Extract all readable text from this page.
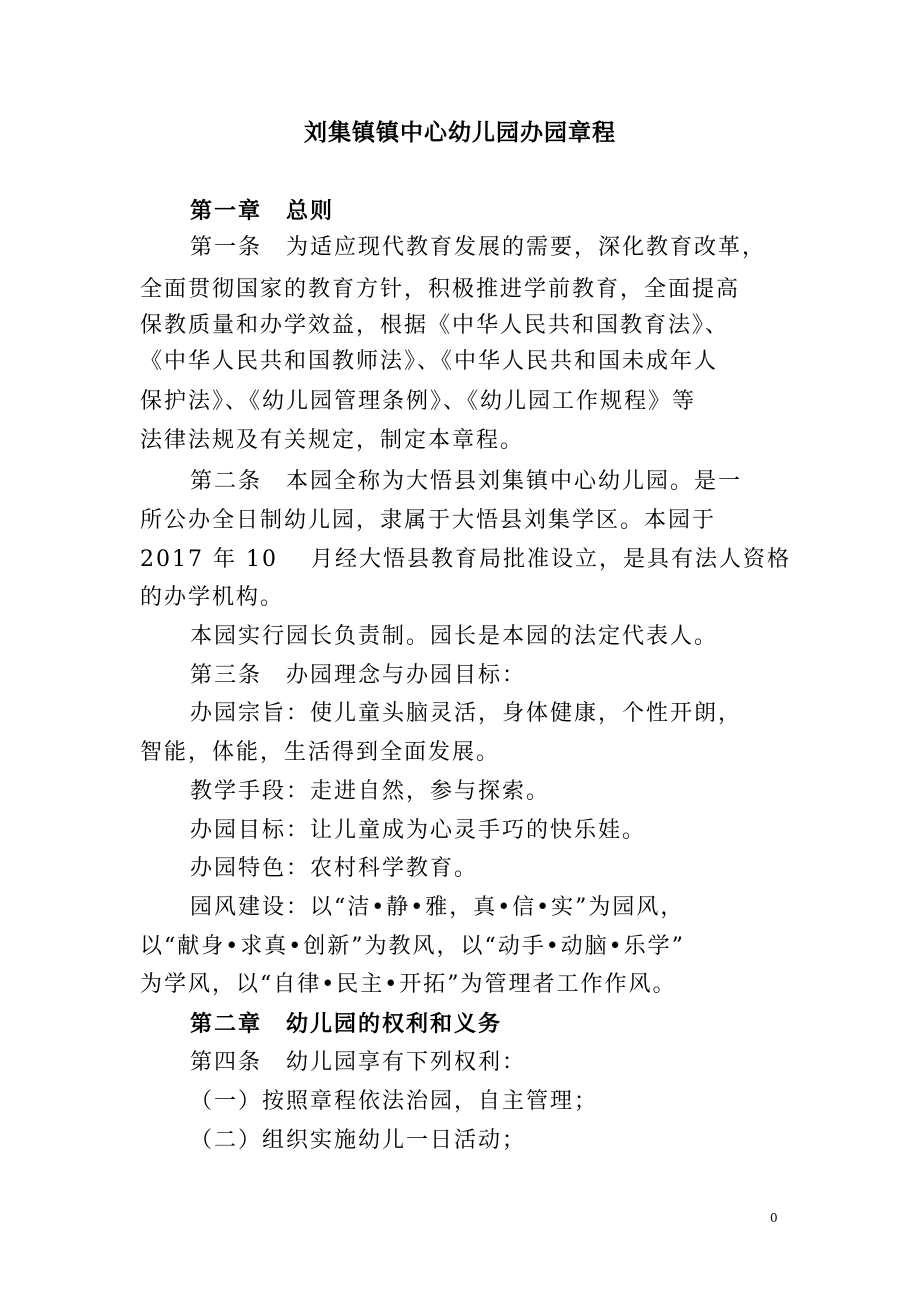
刘集镇镇中心幼儿园办园章程
第一章　总则
第一条　为适应现代教育发展的需要，深化教育改革，
全面贯彻国家的教育方针，积极推进学前教育，全面提高
保教质量和办学效益，根据《中华人民共和国教育法》、
《中华人民共和国教师法》、《中华人民共和国未成年人
保护法》、《幼儿园管理条例》、《幼儿园工作规程》等
法律法规及有关规定，制定本章程。
第二条　本园全称为大悟县刘集镇中心幼儿园。是一
所公办全日制幼儿园，隶属于大悟县刘集学区。本园于
2017 年 10　 月经大悟县教育局批准设立，是具有法人资格
的办学机构。
本园实行园长负责制。园长是本园的法定代表人。
第三条　办园理念与办园目标：
办园宗旨：使儿童头脑灵活，身体健康，个性开朗，
智能，体能，生活得到全面发展。
教学手段：走进自然，参与探索。
办园目标：让儿童成为心灵手巧的快乐娃。
办园特色：农村科学教育。
园风建设：以“洁•静•雅，真•信•实”为园风，
以“献身•求真•创新”为教风，以“动手•动脑•乐学”
为学风，以“自律•民主•开拓”为管理者工作作风。
第二章　幼儿园的权利和义务
第四条　幼儿园享有下列权利：
（一）按照章程依法治园，自主管理；
（二）组织实施幼儿一日活动；
0
